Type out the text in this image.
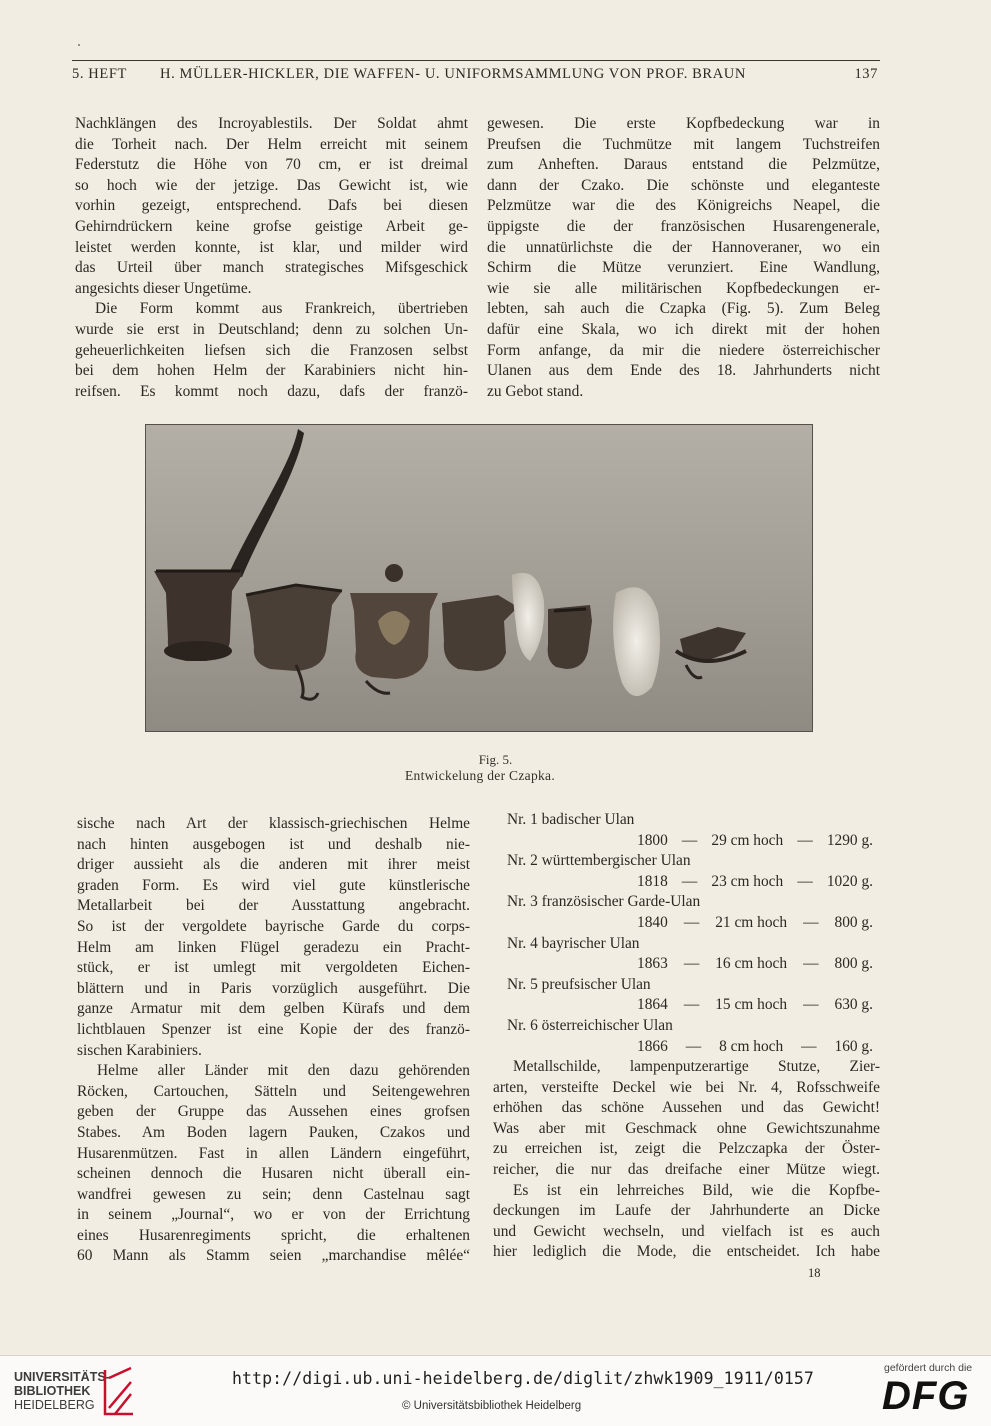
5. HEFT H. MÜLLER-HICKLER, DIE WAFFEN- U. UNIFORMSAMMLUNG VON PROF. BRAUN	137

Nachklängen des Incroyablestils. Der Soldat ahmt

die Torheit nach. Der Helm erreicht mit seinem

Federstutz die Höhe von 70 cm, er ist dreimal

so hoch wie der jetzige. Das Gewicht ist, wie

vorhin gezeigt, entsprechend. Dafs bei diesen

Gehirndrückern keine grofse geistige Arbeit ge-

leistet werden konnte, ist klar, und milder wird

das Urteil über manch strategisches Mifsgeschick

angesichts dieser Ungetüme.

Die Form kommt aus Frankreich, übertrieben

wurde sie erst in Deutschland; denn zu solchen Un-

geheuerlichkeiten liefsen sich die Franzosen selbst

bei dem hohen Helm der Karabiniers nicht hin-

reifsen. Es kommt noch dazu, dafs der franzö-

gewesen. Die erste Kopfbedeckung war in

Preufsen die Tuchmütze mit langem Tuchstreifen

zum Anheften. Daraus entstand die Pelzmütze,

dann der Czako. Die schönste und eleganteste

Pelzmütze war die des Königreichs Neapel, die

üppigste die der französischen Husarengenerale,

die unnatürlichste die der Hannoveraner, wo ein

Schirm die Mütze verunziert. Eine Wandlung,

wie sie alle militärischen Kopfbedeckungen er-

lebten, sah auch die Czapka (Fig. 5). Zum Beleg

dafür eine Skala, wo ich direkt mit der hohen

Form anfange, da mir die niedere österreichischer

Ulanen aus dem Ende des 18. Jahrhunderts nicht

zu Gebot stand.

Fig. 5.
Entwickelung der Czapka.

sische nach Art der klassisch-griechischen Helme

nach hinten ausgebogen ist und deshalb nie-

driger aussieht als die anderen mit ihrer meist

graden Form. Es wird viel gute künstlerische

Metallarbeit bei der Ausstattung angebracht.

So ist der vergoldete bayrische Garde du corps-

Helm am linken Flügel geradezu ein Pracht-

stück, er ist umlegt mit vergoldeten Eichen-

blättern und in Paris vorzüglich ausgeführt. Die

ganze Armatur mit dem gelben Kürafs und dem

lichtblauen Spenzer ist eine Kopie der des franzö-

sischen Karabiniers.

Helme aller Länder mit den dazu gehörenden

Röcken, Cartouchen, Sätteln und Seitengewehren

geben der Gruppe das Aussehen eines grofsen

Stabes. Am Boden lagern Pauken, Czakos und

Husarenmützen. Fast in allen Ländern eingeführt,

scheinen dennoch die Husaren nicht überall ein-

wandfrei gewesen zu sein; denn Castelnau sagt

in seinem „Journal“, wo er von der Errichtung

eines Husarenregiments spricht, die erhaltenen

60 Mann als Stamm seien „marchandise mêlée“

Nr. 1 badischer Ulan
1800 — 29 cm hoch — 1290 g.
Nr. 2 württembergischer Ulan
1818 — 23 cm hoch — 1020 g.
Nr. 3 französischer Garde-Ulan
1840 — 21 cm hoch — 800 g.
Nr. 4 bayrischer Ulan
1863 — 16 cm hoch — 800 g.
Nr. 5 preufsischer Ulan
1864 — 15 cm hoch — 630 g.
Nr. 6 österreichischer Ulan
1866 — 8 cm hoch — 160 g.

Metallschilde, lampenputzerartige Stutze, Zier-

arten, versteifte Deckel wie bei Nr. 4, Rofsschweife

erhöhen das schöne Aussehen und das Gewicht!

Was aber mit Geschmack ohne Gewichtszunahme

zu erreichen ist, zeigt die Pelzczapka der Öster-

reicher, die nur das dreifache einer Mütze wiegt.

Es ist ein lehrreiches Bild, wie die Kopfbe-

deckungen im Laufe der Jahrhunderte an Dicke

und Gewicht wechseln, und vielfach ist es auch

hier lediglich die Mode, die entscheidet. Ich habe

18
UNIVERSITÄTS-
BIBLIOTHEK
HEIDELBERG
http://digi.ub.uni-heidelberg.de/diglit/zhwk1909_1911/0157
© Universitätsbibliothek Heidelberg
gefördert durch die
DFG
